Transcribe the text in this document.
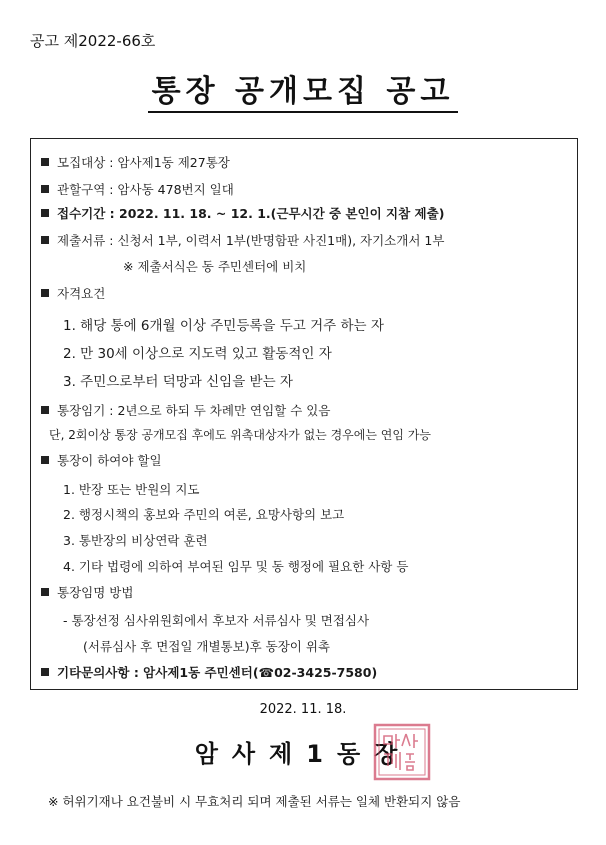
공고 제2022-66호
통장 공개모집 공고
모집대상 : 암사제1동 제27통장
관할구역 : 암사동 478번지 일대
접수기간 : 2022. 11. 18. ~ 12. 1.(근무시간 중 본인이 지참 제출)
제출서류 : 신청서 1부, 이력서 1부(반명함판 사진1매), 자기소개서 1부
※ 제출서식은 동 주민센터에 비치
자격요건
1. 해당 통에 6개월 이상 주민등록을 두고 거주 하는 자
2. 만 30세 이상으로 지도력 있고 활동적인 자
3. 주민으로부터 덕망과 신임을 받는 자
통장임기 : 2년으로 하되 두 차례만 연임할 수 있음
단, 2회이상 통장 공개모집 후에도 위촉대상자가 없는 경우에는 연임 가능
통장이 하여야 할일
1. 반장 또는 반원의 지도
2. 행정시책의 홍보와 주민의 여론, 요망사항의 보고
3. 통반장의 비상연락 훈련
4. 기타 법령에 의하여 부여된 임무 및 동 행정에 필요한 사항 등
통장임명 방법
- 통장선정 심사위원회에서 후보자 서류심사 및 면접심사
(서류심사 후 면접일 개별통보)후 동장이 위촉
기타문의사항 : 암사제1동 주민센터(☎02-3425-7580)
2022. 11. 18.
암사제1동장
※ 허위기재나 요건불비 시 무효처리 되며 제출된 서류는 일체 반환되지 않음
